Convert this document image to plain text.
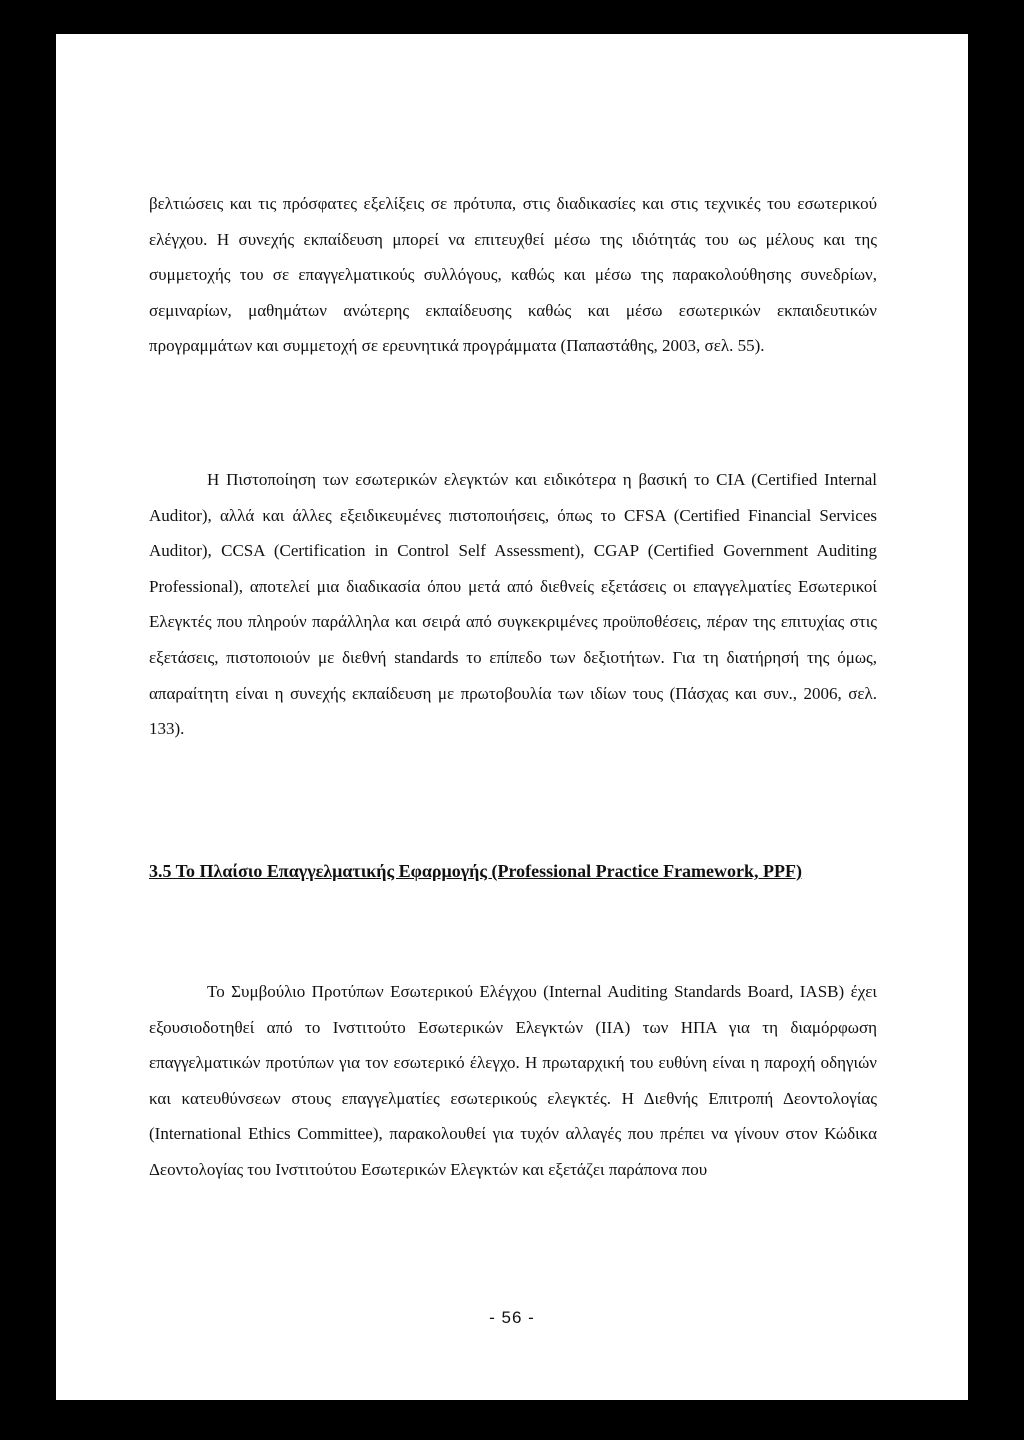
βελτιώσεις και τις πρόσφατες εξελίξεις σε πρότυπα, στις διαδικασίες και στις τεχνικές του εσωτερικού ελέγχου. Η συνεχής εκπαίδευση μπορεί να επιτευχθεί μέσω της ιδιότητάς του ως μέλους και της συμμετοχής του σε επαγγελματικούς συλλόγους, καθώς και μέσω της παρακολούθησης συνεδρίων, σεμιναρίων, μαθημάτων ανώτερης εκπαίδευσης καθώς και μέσω εσωτερικών εκπαιδευτικών προγραμμάτων και συμμετοχή σε ερευνητικά προγράμματα (Παπαστάθης, 2003, σελ. 55).

Η Πιστοποίηση των εσωτερικών ελεγκτών και ειδικότερα η βασική το CIA (Certified Internal Auditor), αλλά και άλλες εξειδικευμένες πιστοποιήσεις, όπως το CFSA (Certified Financial Services Auditor), CCSA (Certification in Control Self Assessment), CGAP (Certified Government Auditing Professional), αποτελεί μια διαδικασία όπου μετά από διεθνείς εξετάσεις οι επαγγελματίες Εσωτερικοί Ελεγκτές που πληρούν παράλληλα και σειρά από συγκεκριμένες προϋποθέσεις, πέραν της επιτυχίας στις εξετάσεις, πιστοποιούν με διεθνή standards το επίπεδο των δεξιοτήτων. Για τη διατήρησή της όμως, απαραίτητη είναι η συνεχής εκπαίδευση με πρωτοβουλία των ιδίων τους (Πάσχας και συν., 2006, σελ. 133).

3.5 Το Πλαίσιο Επαγγελματικής Εφαρμογής (Professional Practice Framework, PPF)

Το Συμβούλιο Προτύπων Εσωτερικού Ελέγχου (Internal Auditing Standards Board, IASB) έχει εξουσιοδοτηθεί από το Ινστιτούτο Εσωτερικών Ελεγκτών (IIA) των ΗΠΑ για τη διαμόρφωση επαγγελματικών προτύπων για τον εσωτερικό έλεγχο. Η πρωταρχική του ευθύνη είναι η παροχή οδηγιών και κατευθύνσεων στους επαγγελματίες εσωτερικούς ελεγκτές. Η Διεθνής Επιτροπή Δεοντολογίας (International Ethics Committee), παρακολουθεί για τυχόν αλλαγές που πρέπει να γίνουν στον Κώδικα Δεοντολογίας του Ινστιτούτου Εσωτερικών Ελεγκτών και εξετάζει παράπονα που

- 56 -
